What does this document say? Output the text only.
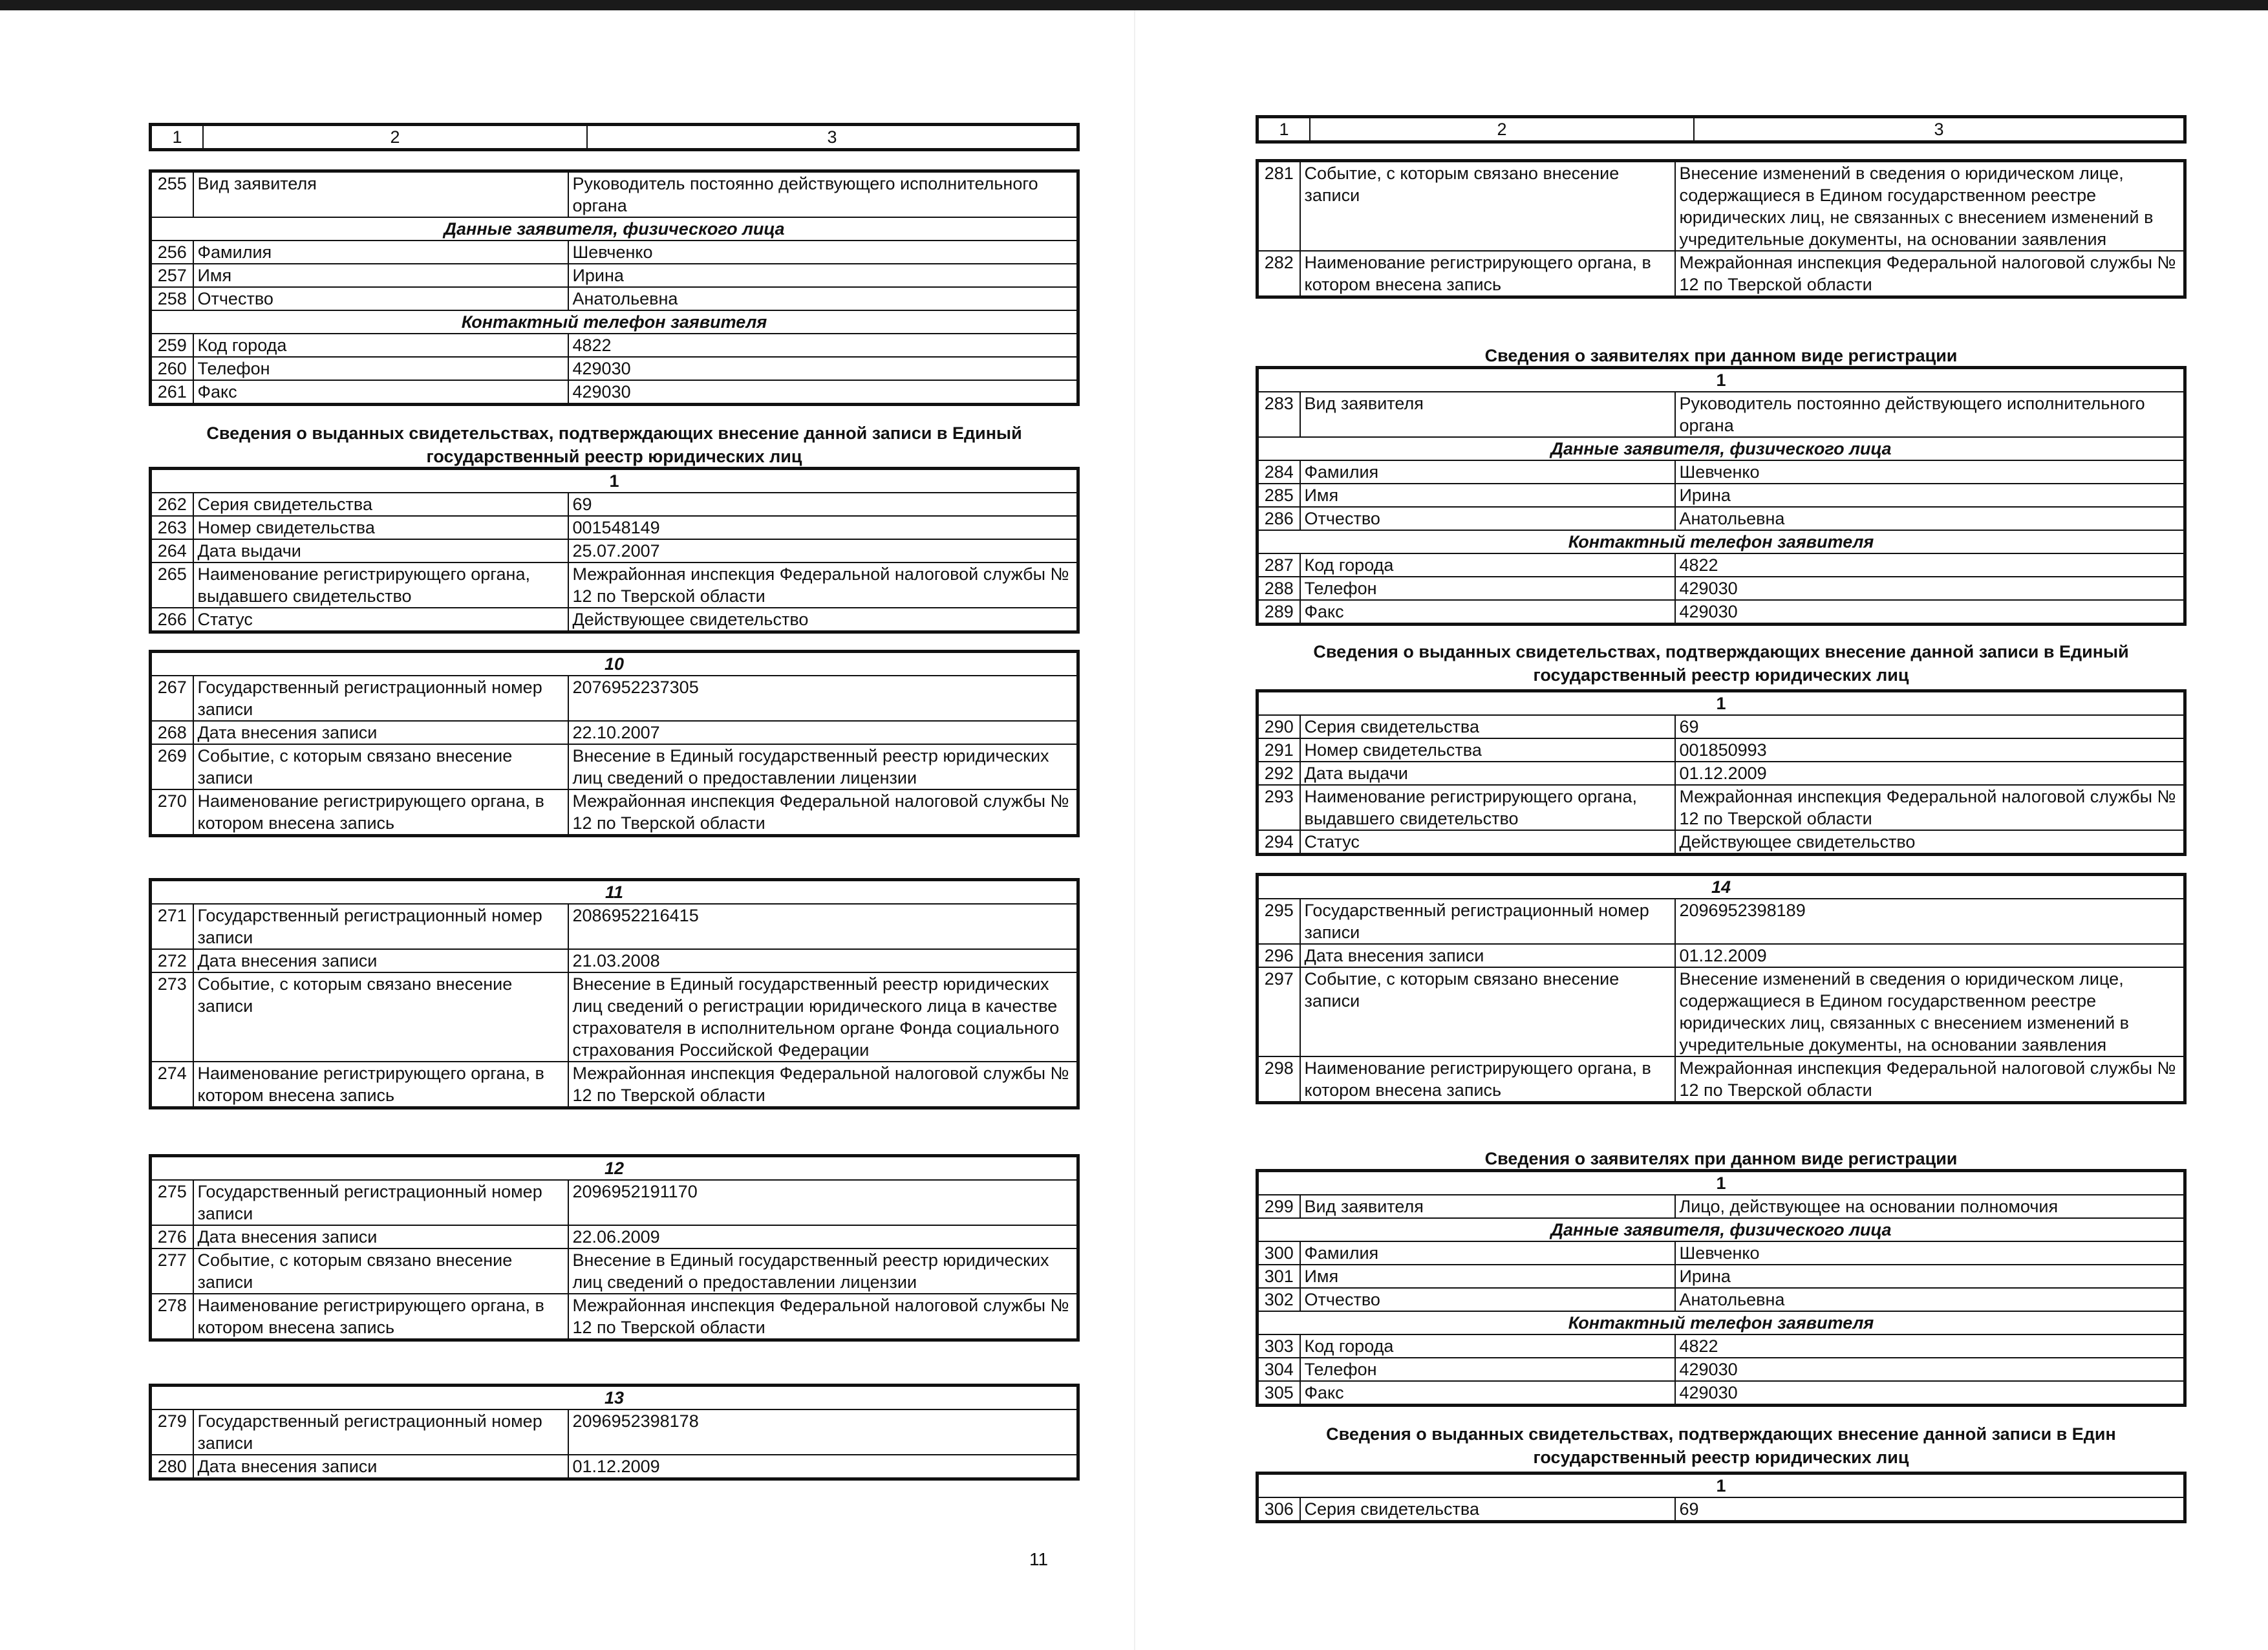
1	2	3
255	Вид заявителя	Руководитель постоянно действующего исполнительного органа
Данные заявителя, физического лица		
256	Фамилия	Шевченко
257	Имя	Ирина
258	Отчество	Анатольевна
Контактный телефон заявителя		
259	Код города	4822
260	Телефон	429030
261	Факс	429030
Сведения о выданных свидетельствах, подтверждающих внесение данной записи в Единый государственный реестр юридических лиц
1		
262	Серия свидетельства	69
263	Номер свидетельства	001548149
264	Дата выдачи	25.07.2007
265	Наименование регистрирующего органа, выдавшего свидетельство	Межрайонная инспекция Федеральной налоговой службы № 12 по Тверской области
266	Статус	Действующее свидетельство
10		
267	Государственный регистрационный номер записи	2076952237305
268	Дата внесения записи	22.10.2007
269	Событие, с которым связано внесение записи	Внесение в Единый государственный реестр юридических лиц сведений о предоставлении лицензии
270	Наименование регистрирующего органа, в котором внесена запись	Межрайонная инспекция Федеральной налоговой службы № 12 по Тверской области
11		
271	Государственный регистрационный номер записи	2086952216415
272	Дата внесения записи	21.03.2008
273	Событие, с которым связано внесение записи	Внесение в Единый государственный реестр юридических лиц сведений о регистрации юридического лица в качестве страхователя в исполнительном органе Фонда социального страхования Российской Федерации
274	Наименование регистрирующего органа, в котором внесена запись	Межрайонная инспекция Федеральной налоговой службы № 12 по Тверской области
12		
275	Государственный регистрационный номер записи	2096952191170
276	Дата внесения записи	22.06.2009
277	Событие, с которым связано внесение записи	Внесение в Единый государственный реестр юридических лиц сведений о предоставлении лицензии
278	Наименование регистрирующего органа, в котором внесена запись	Межрайонная инспекция Федеральной налоговой службы № 12 по Тверской области
13		
279	Государственный регистрационный номер записи	2096952398178
280	Дата внесения записи	01.12.2009
1	2	3
281	Событие, с которым связано внесение записи	Внесение изменений в сведения о юридическом лице, содержащиеся в Едином государственном реестре юридических лиц, не связанных с внесением изменений в учредительные документы, на основании заявления
282	Наименование регистрирующего органа, в котором внесена запись	Межрайонная инспекция Федеральной налоговой службы № 12 по Тверской области
Сведения о заявителях при данном виде регистрации
1		
283	Вид заявителя	Руководитель постоянно действующего исполнительного органа
Данные заявителя, физического лица		
284	Фамилия	Шевченко
285	Имя	Ирина
286	Отчество	Анатольевна
Контактный телефон заявителя		
287	Код города	4822
288	Телефон	429030
289	Факс	429030
Сведения о выданных свидетельствах, подтверждающих внесение данной записи в Единый государственный реестр юридических лиц
1		
290	Серия свидетельства	69
291	Номер свидетельства	001850993
292	Дата выдачи	01.12.2009
293	Наименование регистрирующего органа, выдавшего свидетельство	Межрайонная инспекция Федеральной налоговой службы № 12 по Тверской области
294	Статус	Действующее свидетельство
14		
295	Государственный регистрационный номер записи	2096952398189
296	Дата внесения записи	01.12.2009
297	Событие, с которым связано внесение записи	Внесение изменений в сведения о юридическом лице, содержащиеся в Едином государственном реестре юридических лиц, связанных с внесением изменений в учредительные документы, на основании заявления
298	Наименование регистрирующего органа, в котором внесена запись	Межрайонная инспекция Федеральной налоговой службы № 12 по Тверской области
Сведения о заявителях при данном виде регистрации
1		
299	Вид заявителя	Лицо, действующее на основании полномочия
Данные заявителя, физического лица		
300	Фамилия	Шевченко
301	Имя	Ирина
302	Отчество	Анатольевна
Контактный телефон заявителя		
303	Код города	4822
304	Телефон	429030
305	Факс	429030
Сведения о выданных свидетельствах, подтверждающих внесение данной записи в Един государственный реестр юридических лиц
1
306	Серия свидетельства	69
11
